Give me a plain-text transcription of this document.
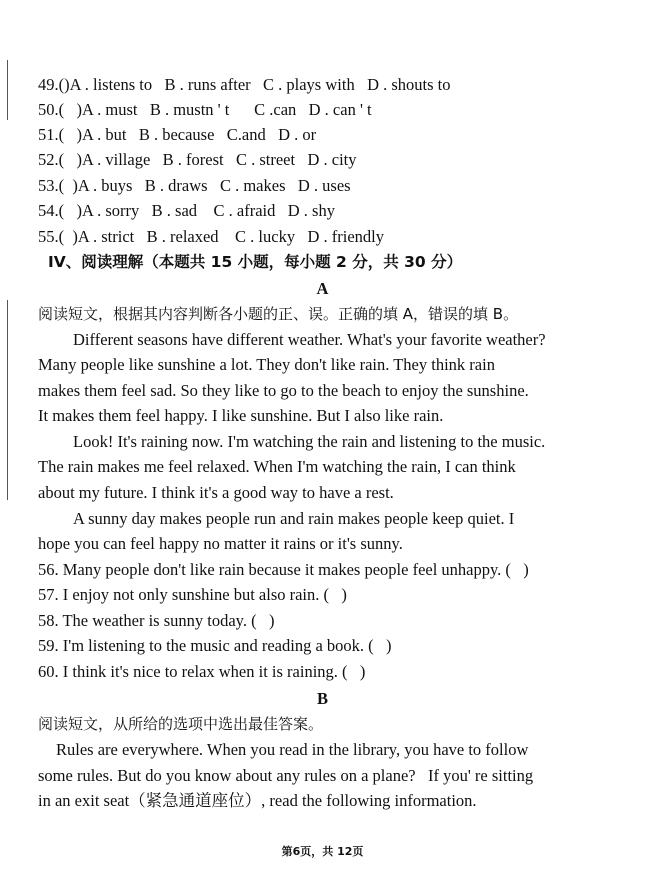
49.()A . listens to   B . runs after   C . plays with   D . shouts to
50.(   )A . must   B . mustn ' t      C .can   D . can ' t
51.(   )A . but   B . because   C.and   D . or
52.(   )A . village   B . forest   C . street   D . city
53.(  )A . buys   B . draws   C . makes   D . uses
54.(   )A . sorry   B . sad    C . afraid   D . shy
55.(  )A . strict   B . relaxed    C . lucky   D . friendly
IV、阅读理解（本题共 15 小题，每小题 2 分，共 30 分）
A
阅读短文，根据其内容判断各小题的正、误。正确的填 A，错误的填 B。
Different seasons have different weather. What's your favorite weather?
Many people like sunshine a lot. They don't like rain. They think rain
makes them feel sad. So they like to go to the beach to enjoy the sunshine.
It makes them feel happy. I like sunshine. But I also like rain.
Look! It's raining now. I'm watching the rain and listening to the music.
The rain makes me feel relaxed. When I'm watching the rain, I can think
about my future. I think it's a good way to have a rest.
A sunny day makes people run and rain makes people keep quiet. I
hope you can feel happy no matter it rains or it's sunny.
56. Many people don't like rain because it makes people feel unhappy. (   )
57. I enjoy not only sunshine but also rain. (   )
58. The weather is sunny today. (   )
59. I'm listening to the music and reading a book. (   )
60. I think it's nice to relax when it is raining. (   )
B
阅读短文，从所给的选项中选出最佳答案。
Rules are everywhere. When you read in the library, you have to follow
some rules. But do you know about any rules on a plane?   If you' re sitting
in an exit seat（紧急通道座位）, read the following information.
第6页，共 12页
